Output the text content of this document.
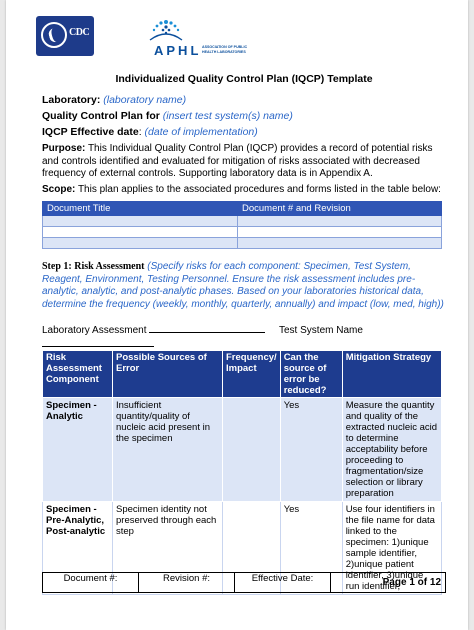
CDC
APHL ASSOCIATION OF PUBLIC HEALTH LABORATORIES
Individualized Quality Control Plan (IQCP) Template
Laboratory: (laboratory name)
Quality Control Plan for (insert test system(s) name)
IQCP Effective date: (date of implementation)
Purpose: This Individual Quality Control Plan (IQCP) provides a record of potential risks and controls identified and evaluated for mitigation of risks associated with decreased frequency of external controls. Supporting laboratory data is in Appendix A.
Scope: This plan applies to the associated procedures and forms listed in the table below:
Document Title	Document # and Revision

Step 1: Risk Assessment (Specify risks for each component: Specimen, Test System, Reagent, Environment, Testing Personnel. Ensure the risk assessment includes pre-analytic, analytic, and post-analytic phases. Based on your laboratories historical data, determine the frequency (weekly, monthly, quarterly, annually) and impact (low, med, high))
Laboratory Assessment	Test System Name
Risk Assessment Component	Possible Sources of Error	Frequency/ Impact	Can the source of error be reduced?	Mitigation Strategy
Specimen - Analytic	Insufficient quantity/quality of nucleic acid present in the specimen		Yes	Measure the quantity and quality of the extracted nucleic acid to determine acceptability before proceeding to fragmentation/size selection or library preparation
Specimen - Pre-Analytic, Post-analytic	Specimen identity not preserved through each step		Yes	Use four identifiers in the file name for data linked to the specimen: 1)unique sample identifier, 2)unique patient identifier, 3)unique run identifier,
Document #:	Revision #:	Effective Date:	Page 1 of 12
